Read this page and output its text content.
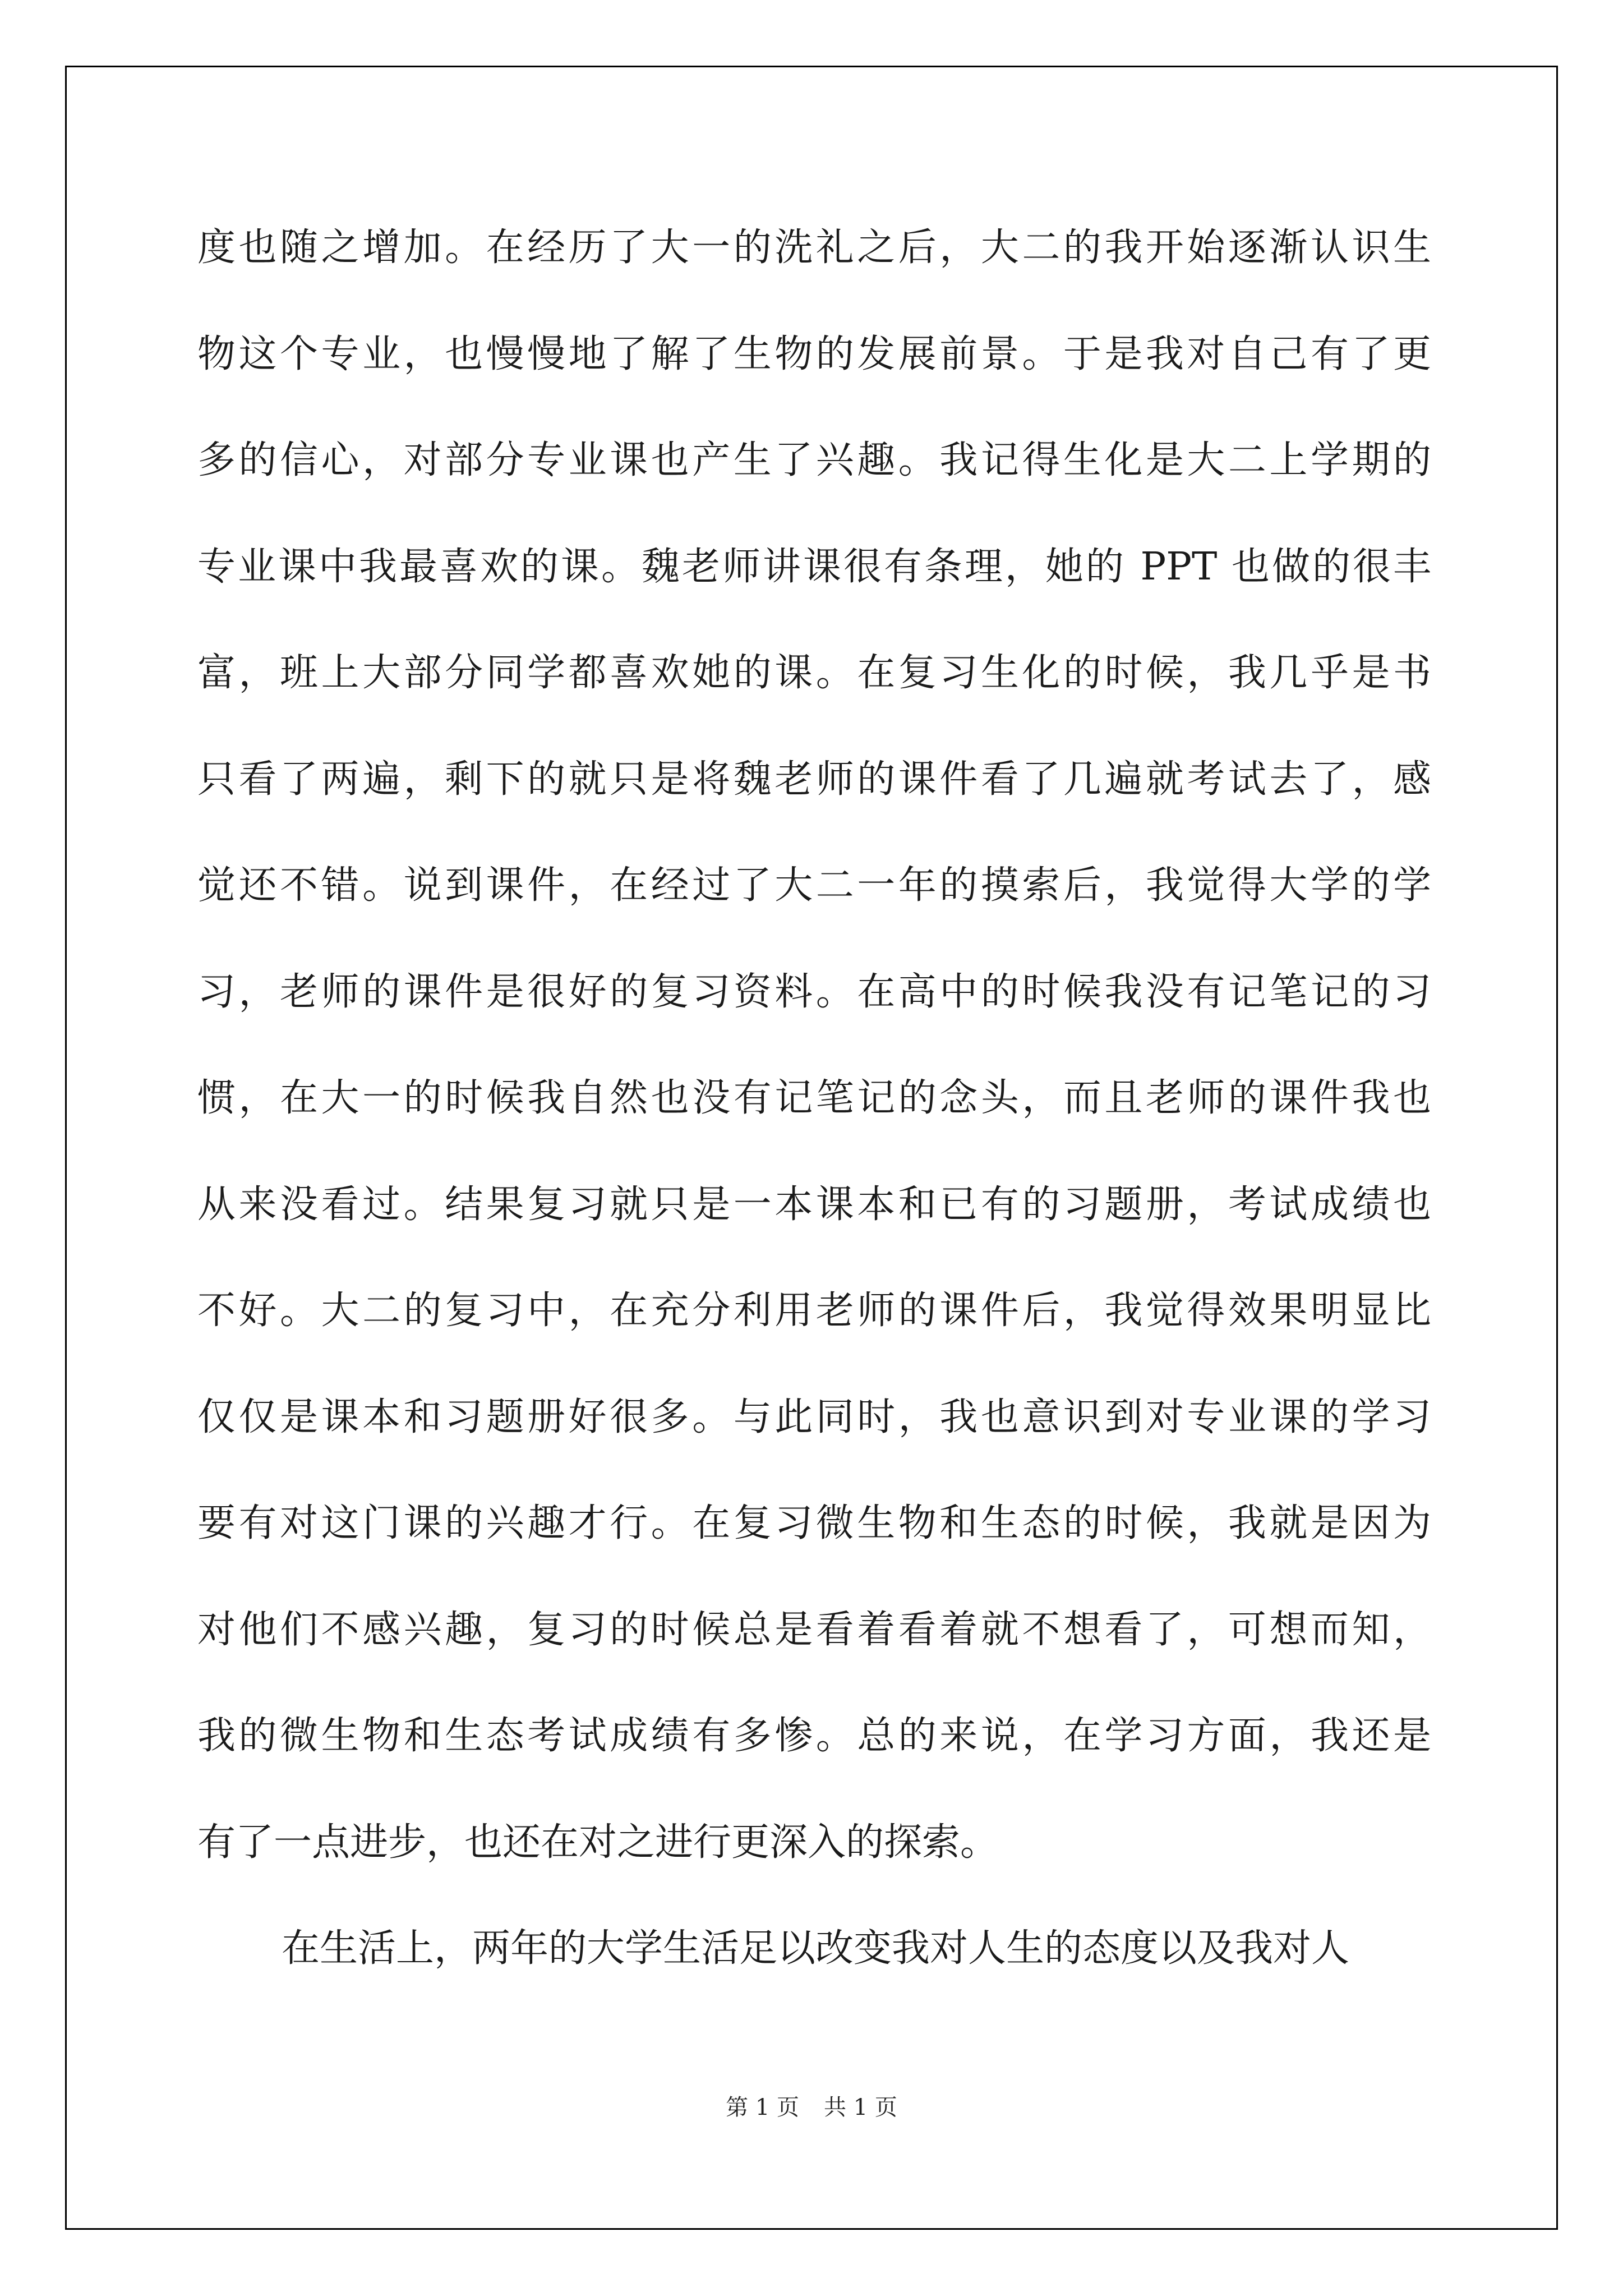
度也随之增加。在经历了大一的洗礼之后，大二的我开始逐渐认识生
物这个专业，也慢慢地了解了生物的发展前景。于是我对自己有了更
多的信心，对部分专业课也产生了兴趣。我记得生化是大二上学期的
专业课中我最喜欢的课。魏老师讲课很有条理，她的 PPT 也做的很丰
富，班上大部分同学都喜欢她的课。在复习生化的时候，我几乎是书
只看了两遍，剩下的就只是将魏老师的课件看了几遍就考试去了，感
觉还不错。说到课件，在经过了大二一年的摸索后，我觉得大学的学
习，老师的课件是很好的复习资料。在高中的时候我没有记笔记的习
惯，在大一的时候我自然也没有记笔记的念头，而且老师的课件我也
从来没看过。结果复习就只是一本课本和已有的习题册，考试成绩也
不好。大二的复习中，在充分利用老师的课件后，我觉得效果明显比
仅仅是课本和习题册好很多。与此同时，我也意识到对专业课的学习
要有对这门课的兴趣才行。在复习微生物和生态的时候，我就是因为
对他们不感兴趣，复习的时候总是看着看着就不想看了，可想而知，
我的微生物和生态考试成绩有多惨。总的来说，在学习方面，我还是
有了一点进步，也还在对之进行更深入的探索。
在生活上，两年的大学生活足以改变我对人生的态度以及我对人
第 1 页 共 1 页
